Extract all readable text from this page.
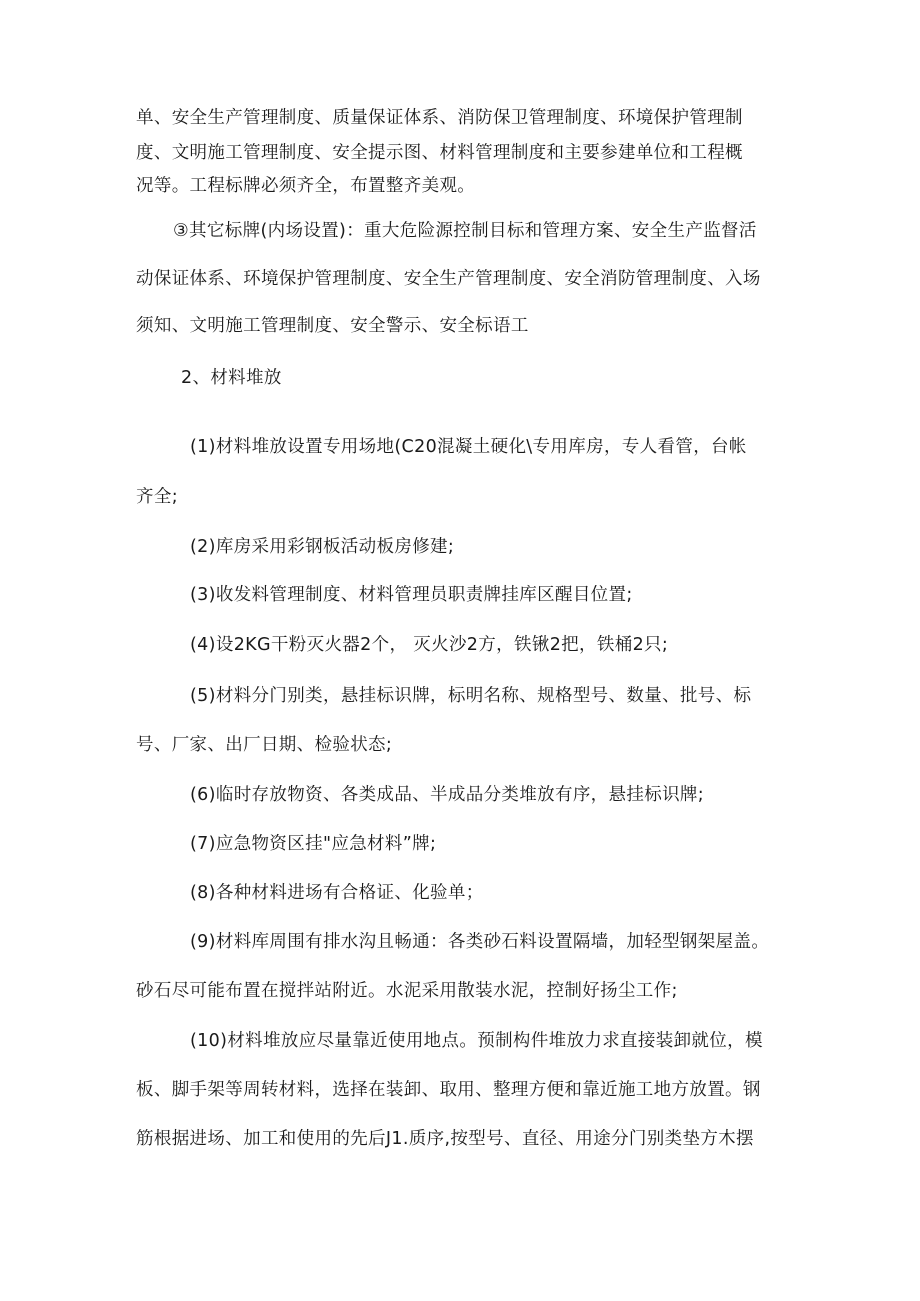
单、安全生产管理制度、质量保证体系、消防保卫管理制度、环境保护管理制
度、文明施工管理制度、安全提示图、材料管理制度和主要参建单位和工程概
况等。工程标牌必须齐全，布置整齐美观。
③其它标牌(内场设置)：重大危险源控制目标和管理方案、安全生产监督活
动保证体系、环境保护管理制度、安全生产管理制度、安全消防管理制度、入场
须知、文明施工管理制度、安全警示、安全标语工
2、材料堆放
(1)材料堆放设置专用场地(C20混凝土硬化\专用库房，专人看管，台帐
齐全;
(2)库房采用彩钢板活动板房修建;
(3)收发料管理制度、材料管理员职责牌挂库区醒目位置;
(4)设2KG干粉灭火器2个， 灭火沙2方，铁锹2把，铁桶2只;
(5)材料分门别类，悬挂标识牌，标明名称、规格型号、数量、批号、标
号、厂家、出厂日期、检验状态;
(6)临时存放物资、各类成品、半成品分类堆放有序，悬挂标识牌;
(7)应急物资区挂"应急材料”牌;
(8)各种材料进场有合格证、化验单；
(9)材料库周围有排水沟且畅通：各类砂石料设置隔墙，加轻型钢架屋盖。
砂石尽可能布置在搅拌站附近。水泥采用散装水泥，控制好扬尘工作;
(10)材料堆放应尽量靠近使用地点。预制构件堆放力求直接装卸就位，模
板、脚手架等周转材料，选择在装卸、取用、整理方便和靠近施工地方放置。钢
筋根据进场、加工和使用的先后J1.质序,按型号、直径、用途分门别类垫方木摆
